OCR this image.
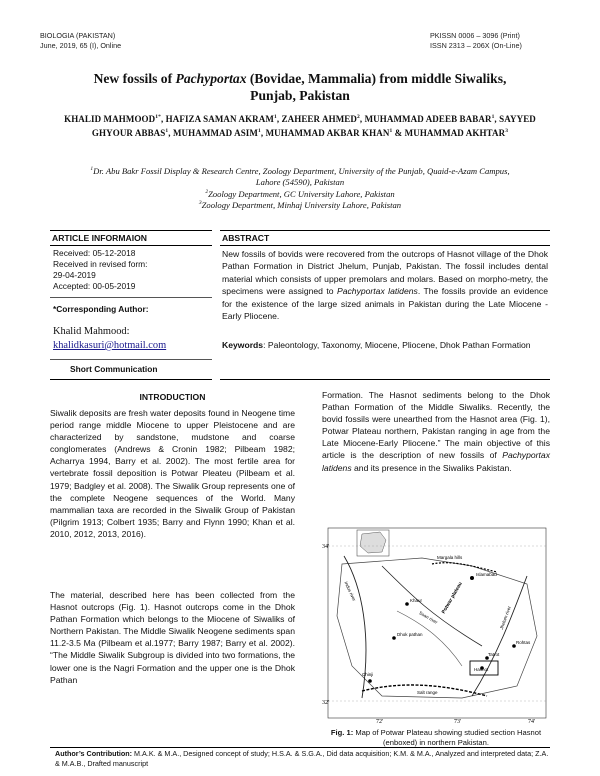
BIOLOGIA (PAKISTAN)
June, 2019, 65 (I), Online
PKISSN 0006 – 3096 (Print)
ISSN 2313 – 206X (On-Line)
New fossils of Pachyportax (Bovidae, Mammalia) from middle Siwaliks,
Punjab, Pakistan
KHALID $MAHMOOD^{1*}$, HAFIZA SAMAN AKRAM$^1$, ZAHEER AHMED$^2$, MUHAMMAD ADEEB BABAR$^1$, SAYYED GHYOUR ABBAS$^1$, MUHAMMAD ASIM$^1$, MUHAMMAD AKBAR KHAN$^1$ & MUHAMMAD AKHTAR$^3$
$^1$Dr. Abu Bakr Fossil Display & Research Centre, Zoology Department, University of the Punjab, Quaid-e-Azam Campus,
Lahore (54590), Pakistan
$^2$Zoology Department, GC University Lahore, Pakistan
$^3$Zoology Department, Minhaj University Lahore, Pakistan
ARTICLE INFORMAION	ABSTRACT
Received: 05-12-2018
Received in revised form:
29-04-2019
Accepted: 00-05-2019
*Corresponding Author:
Khalid Mahmood:
khalidkasuri@hotmail.com
Short Communication
New fossils of bovids were recovered from the outcrops of Hasnot village of the Dhok Pathan Formation in District Jhelum, Punjab, Pakistan. The fossil includes dental material which consists of upper premolars and molars. Based on morpho-metry, the specimens were assigned to Pachyportax latidens. The fossils provide an evidence for the existence of the large sized animals in Pakistan during the Late Miocene -Early Pliocene.
Keywords: Paleontology, Taxonomy, Miocene, Pliocene, Dhok Pathan Formation
INTRODUCTION
Siwalik deposits are fresh water deposits found in Neogene time period range middle Miocene to upper Pleistocene and are characterized by sandstone, mudstone and coarse conglomerates (Andrews & Cronin 1982; Pilbeam 1982; Acharrya 1994, Barry et al. 2002). The most fertile area for vertebrate fossil deposition is Potwar Pleateu (Pilbeam et al. 1979; Badgley et al. 2008). The Siwalik Group represents one of the complete Neogene sequences of the World. Many mammalian taxa are recorded in the Siwalik Group of Pakistan (Pilgrim 1913; Colbert 1935; Barry and Flynn 1990; Khan et al. 2010, 2012, 2013, 2016).
The material, described here has been collected from the Hasnot outcrops (Fig. 1). Hasnot outcrops come in the Dhok Pathan Formation which belongs to the Miocene of Siwaliks of Northern Pakistan. The Middle Siwalik Neogene sediments span 11.2-3.5 Ma (Pilbeam et al.1977; Barry 1987; Barry et al. 2002). “The Middle Siwalik Subgroup is divided into two formations, the lower one is the Nagri Formation and the upper one is the Dhok Pathan
Formation. The Hasnot sediments belong to the Dhok Pathan Formation of the Middle Siwaliks. Recently, the bovid fossils were unearthed from the Hasnot area (Fig. 1), Potwar Plateau northern, Pakistan ranging in age from the Late Miocene-Early Pliocene.” The main objective of this article is the description of new fossils of Pachyportax latidens and its presence in the Siwaliks Pakistan.
34'
32'
72'	73'	74'
Margala hills
Islamabad
Potwar plateau
Khaur
Dhok pathan
Chinji
Hasnot
Tatrot
Rohtas
Salt range
Indus river
Jhelum river
Soan river
Fig. 1: Map of Potwar Plateau showing studied section Hasnot (enboxed) in northern Pakistan.
Author’s Contribution: M.A.K. & M.A., Designed concept of study; H.S.A. & S.G.A., Did data acquisition; K.M. & M.A., Analyzed and interpreted data; Z.A. & M.A.B., Drafted manuscript
